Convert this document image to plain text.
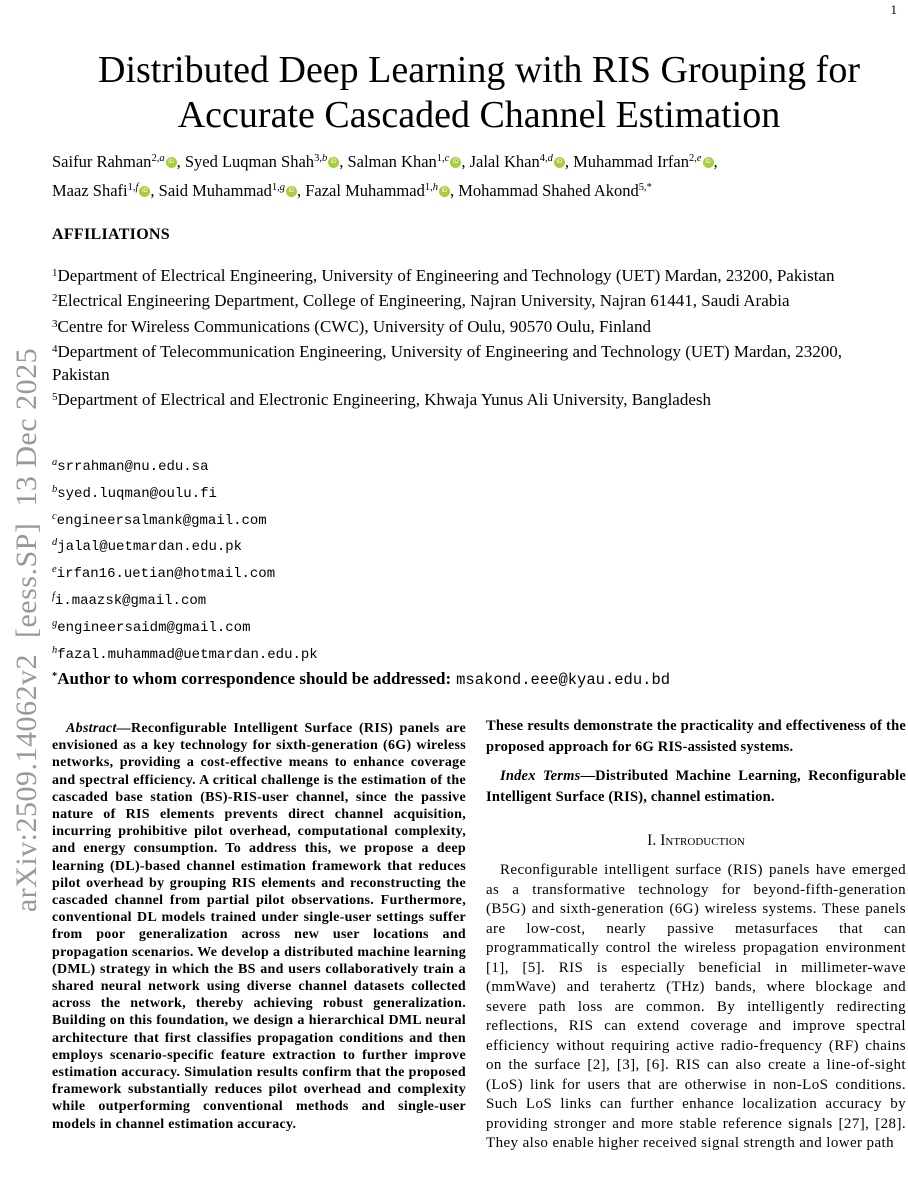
1
arXiv:2509.14062v2  [eess.SP]  13 Dec 2025
Distributed Deep Learning with RIS Grouping for
Accurate Cascaded Channel Estimation

Saifur Rahman$^{2,a}$ iD , Syed Luqman Shah$^{3,b}$ iD , Salman Khan$^{1,c}$ iD , Jalal Khan$^{4,d}$ iD , Muhammad Irfan$^{2,e}$ iD ,
Maaz Shafi$^{1,f}$ iD , Said Muhammad$^{1,g}$ iD , Fazal Muhammad$^{1,h}$ iD , Mohammad Shahed Akond$^{5,*}$

AFFILIATIONS
$^1$Department of Electrical Engineering, University of Engineering and Technology (UET) Mardan, 23200, Pakistan
$^2$Electrical Engineering Department, College of Engineering, Najran University, Najran 61441, Saudi Arabia
$^3$Centre for Wireless Communications (CWC), University of Oulu, 90570 Oulu, Finland
$^4$Department of Telecommunication Engineering, University of Engineering and Technology (UET) Mardan, 23200, Pakistan
$^5$Department of Electrical and Electronic Engineering, Khwaja Yunus Ali University, Bangladesh
$^a$srrahman@nu.edu.sa
$^b$syed.luqman@oulu.fi
$^c$engineersalmank@gmail.com
$^d$jalal@uetmardan.edu.pk
$^e$irfan16.uetian@hotmail.com
$^f$i.maazsk@gmail.com
$^g$engineersaidm@gmail.com
$^h$fazal.muhammad@uetmardan.edu.pk
*Author to whom correspondence should be addressed: msakond.eee@kyau.edu.bd

Abstract—Reconfigurable Intelligent Surface (RIS) panels are envisioned as a key technology for sixth-generation (6G) wireless networks, providing a cost-effective means to enhance coverage and spectral efficiency. A critical challenge is the estimation of the cascaded base station (BS)-RIS-user channel, since the passive nature of RIS elements prevents direct channel acquisition, incurring prohibitive pilot overhead, computational complexity, and energy consumption. To address this, we propose a deep learning (DL)-based channel estimation framework that reduces pilot overhead by grouping RIS elements and reconstructing the cascaded channel from partial pilot observations. Furthermore, conventional DL models trained under single-user settings suffer from poor generalization across new user locations and propagation scenarios. We develop a distributed machine learning (DML) strategy in which the BS and users collaboratively train a shared neural network using diverse channel datasets collected across the network, thereby achieving robust generalization. Building on this foundation, we design a hierarchical DML neural architecture that first classifies propagation conditions and then employs scenario-specific feature extraction to further improve estimation accuracy. Simulation results confirm that the proposed framework substantially reduces pilot overhead and complexity while outperforming conventional methods and single-user models in channel estimation accuracy.

These results demonstrate the practicality and effectiveness of the proposed approach for 6G RIS-assisted systems.

Index Terms—Distributed Machine Learning, Reconfigurable Intelligent Surface (RIS), channel estimation.

I. Introduction

Reconfigurable intelligent surface (RIS) panels have emerged as a transformative technology for beyond-fifth-generation (B5G) and sixth-generation (6G) wireless systems. These panels are low-cost, nearly passive metasurfaces that can programmatically control the wireless propagation environment [1], [5]. RIS is especially beneficial in millimeter-wave (mmWave) and terahertz (THz) bands, where blockage and severe path loss are common. By intelligently redirecting reflections, RIS can extend coverage and improve spectral efficiency without requiring active radio-frequency (RF) chains on the surface [2], [3], [6]. RIS can also create a line-of-sight (LoS) link for users that are otherwise in non-LoS conditions. Such LoS links can further enhance localization accuracy by providing stronger and more stable reference signals [27], [28]. They also enable higher received signal strength and lower path
